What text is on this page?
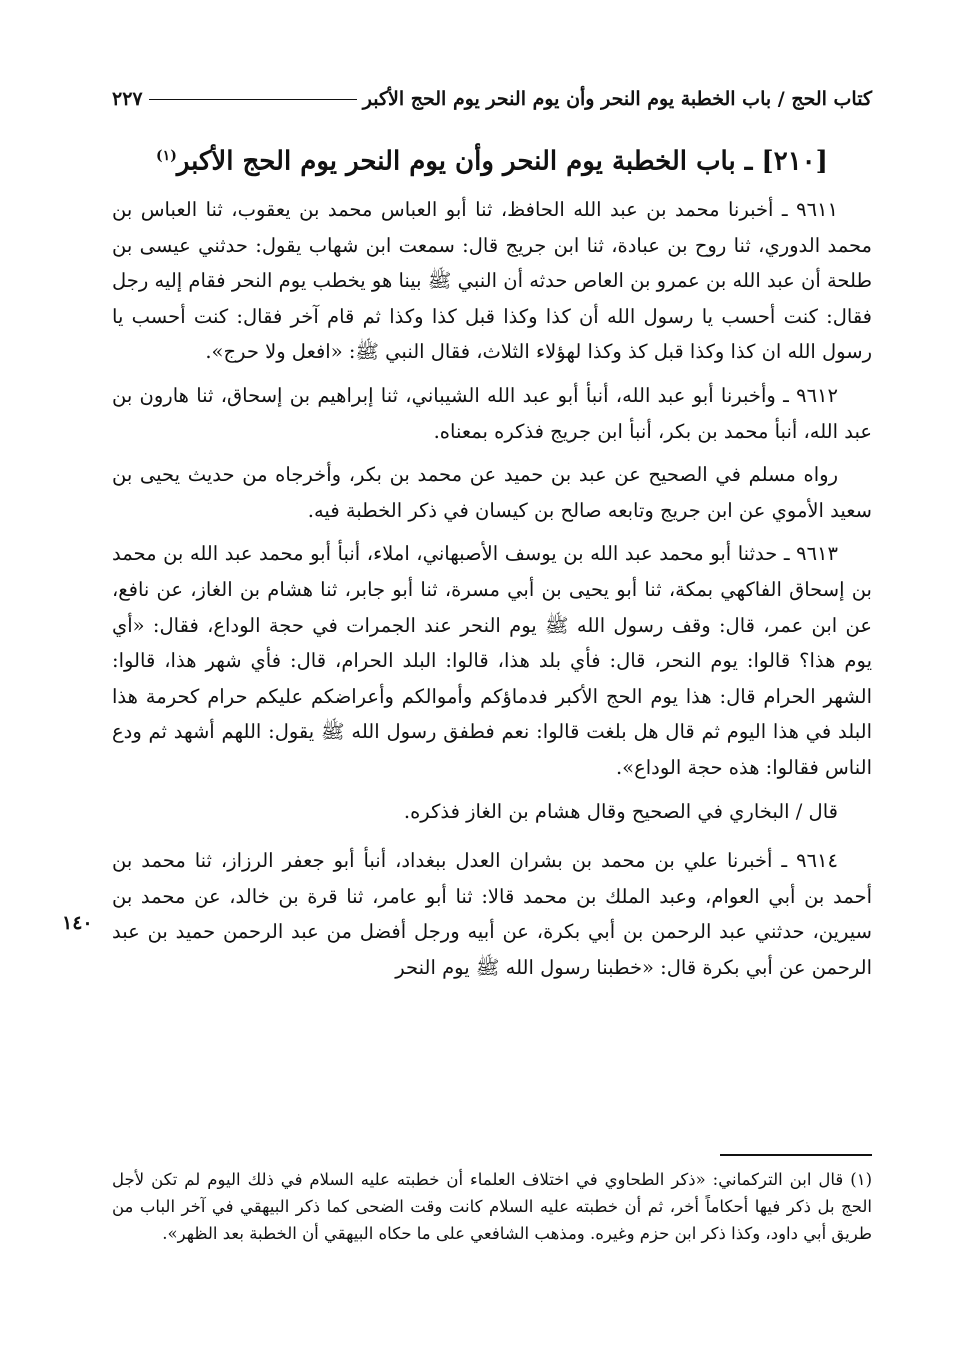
كتاب الحج / باب الخطبة يوم النحر وأن يوم النحر يوم الحج الأكبر
٢٢٧
[٢١٠] ـ باب الخطبة يوم النحر وأن يوم النحر يوم الحج الأكبر$^{(١)}$

٩٦١١ ـ أخبرنا محمد بن عبد الله الحافظ، ثنا أبو العباس محمد بن يعقوب، ثنا العباس بن محمد الدوري، ثنا روح بن عبادة، ثنا ابن جريج قال: سمعت ابن شهاب يقول: حدثني عيسى بن طلحة أن عبد الله بن عمرو بن العاص حدثه أن النبي ﷺ بينا هو يخطب يوم النحر فقام إليه رجل فقال: كنت أحسب يا رسول الله أن كذا وكذا قبل كذا وكذا ثم قام آخر فقال: كنت أحسب يا رسول الله ان كذا وكذا قبل كذ وكذا لهؤلاء الثلاث، فقال النبي ﷺ: «افعل ولا حرج».

٩٦١٢ ـ وأخبرنا أبو عبد الله، أنبأ أبو عبد الله الشيباني، ثنا إبراهيم بن إسحاق، ثنا هارون بن عبد الله، أنبأ محمد بن بكر، أنبأ ابن جريج فذكره بمعناه.

رواه مسلم في الصحيح عن عبد بن حميد عن محمد بن بكر، وأخرجاه من حديث يحيى بن سعيد الأموي عن ابن جريج وتابعه صالح بن كيسان في ذكر الخطبة فيه.

٩٦١٣ ـ حدثنا أبو محمد عبد الله بن يوسف الأصبهاني، املاء، أنبأ أبو محمد عبد الله بن محمد بن إسحاق الفاكهي بمكة، ثنا أبو يحيى بن أبي مسرة، ثنا أبو جابر، ثنا هشام بن الغاز، عن نافع، عن ابن عمر، قال: وقف رسول الله ﷺ يوم النحر عند الجمرات في حجة الوداع، فقال: «أي يوم هذا؟ قالوا: يوم النحر، قال: فأي بلد هذا، قالوا: البلد الحرام، قال: فأي شهر هذا، قالوا: الشهر الحرام قال: هذا يوم الحج الأكبر فدماؤكم وأموالكم وأعراضكم عليكم حرام كحرمة هذا البلد في هذا اليوم ثم قال هل بلغت قالوا: نعم فطفق رسول الله ﷺ يقول: اللهم أشهد ثم ودع الناس فقالوا: هذه حجة الوداع».

قال / البخاري في الصحيح وقال هشام بن الغاز فذكره.

٩٦١٤ ـ أخبرنا علي بن محمد بن بشران العدل ببغداد، أنبأ أبو جعفر الرزاز، ثنا محمد بن أحمد بن أبي العوام، وعبد الملك بن محمد قالا: ثنا أبو عامر، ثنا قرة بن خالد، عن محمد بن سيرين، حدثني عبد الرحمن بن أبي بكرة، عن أبيه ورجل أفضل من عبد الرحمن حميد بن عبد الرحمن عن أبي بكرة قال: «خطبنا رسول الله ﷺ يوم النحر

١٤٠

(١) قال ابن التركماني: «ذكر الطحاوي في اختلاف العلماء أن خطبته عليه السلام في ذلك اليوم لم تكن لأجل الحج بل ذكر فيها أحكاماً أخر، ثم أن خطبته عليه السلام كانت وقت الضحى كما ذكر البيهقي في آخر الباب من طريق أبي داود، وكذا ذكر ابن حزم وغيره. ومذهب الشافعي على ما حكاه البيهقي أن الخطبة بعد الظهر».
